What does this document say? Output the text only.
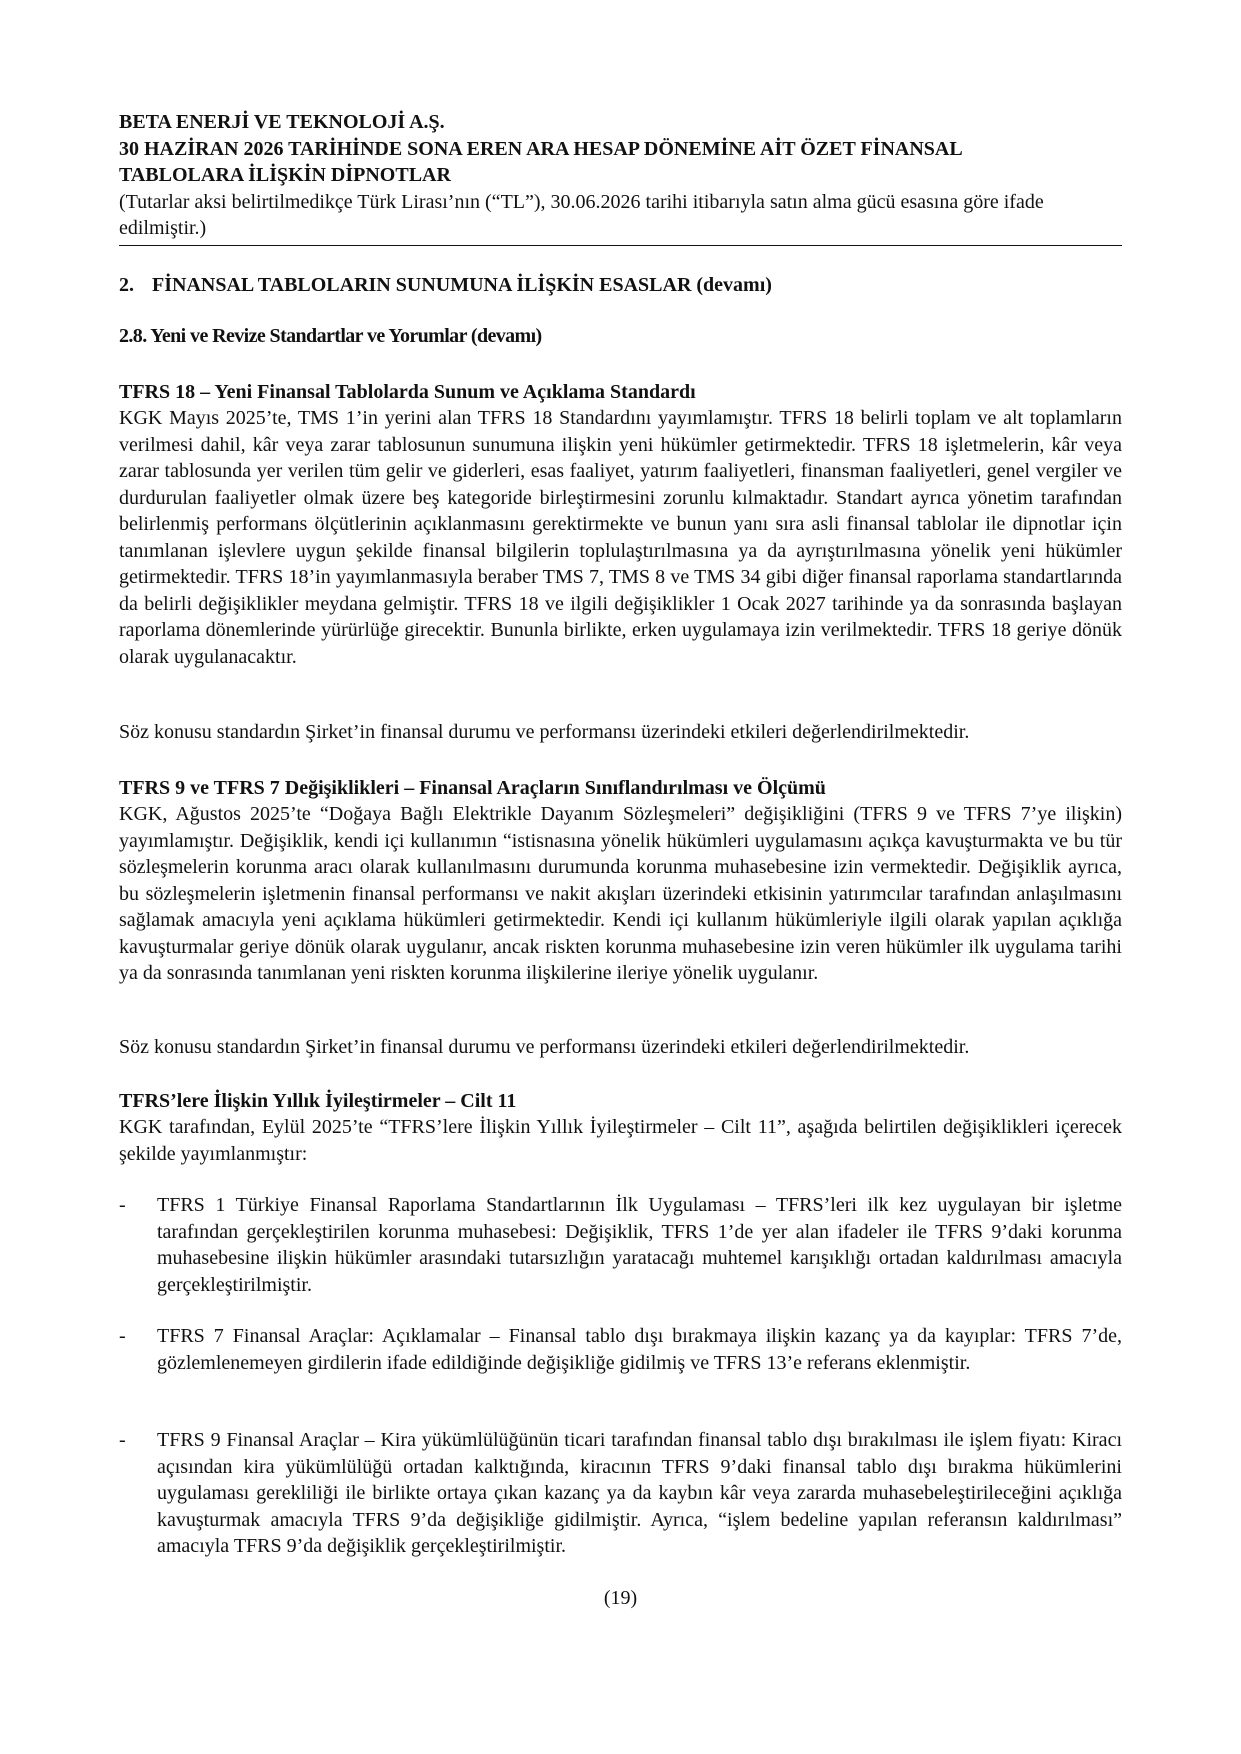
BETA ENERJİ VE TEKNOLOJİ A.Ş.
30 HAZİRAN 2026 TARİHİNDE SONA EREN ARA HESAP DÖNEMİNE AİT ÖZET FİNANSAL
TABLOLARA İLİŞKİN DİPNOTLAR
(Tutarlar aksi belirtilmedikçe Türk Lirası’nın (“TL”), 30.06.2026 tarihi itibarıyla satın alma gücü esasına göre ifade edilmiştir.)
2. FİNANSAL TABLOLARIN SUNUMUNA İLİŞKİN ESASLAR (devamı)
2.8. Yeni ve Revize Standartlar ve Yorumlar (devamı)
TFRS 18 – Yeni Finansal Tablolarda Sunum ve Açıklama Standardı
KGK Mayıs 2025’te, TMS 1’in yerini alan TFRS 18 Standardını yayımlamıştır. TFRS 18 belirli toplam ve alt toplamların verilmesi dahil, kâr veya zarar tablosunun sunumuna ilişkin yeni hükümler getirmektedir. TFRS 18 işletmelerin, kâr veya zarar tablosunda yer verilen tüm gelir ve giderleri, esas faaliyet, yatırım faaliyetleri, finansman faaliyetleri, genel vergiler ve durdurulan faaliyetler olmak üzere beş kategoride birleştirmesini zorunlu kılmaktadır. Standart ayrıca yönetim tarafından belirlenmiş performans ölçütlerinin açıklanmasını gerektirmekte ve bunun yanı sıra asli finansal tablolar ile dipnotlar için tanımlanan işlevlere uygun şekilde finansal bilgilerin toplulaştırılmasına ya da ayrıştırılmasına yönelik yeni hükümler getirmektedir. TFRS 18’in yayımlanmasıyla beraber TMS 7, TMS 8 ve TMS 34 gibi diğer finansal raporlama standartlarında da belirli değişiklikler meydana gelmiştir. TFRS 18 ve ilgili değişiklikler 1 Ocak 2027 tarihinde ya da sonrasında başlayan raporlama dönemlerinde yürürlüğe girecektir. Bununla birlikte, erken uygulamaya izin verilmektedir. TFRS 18 geriye dönük olarak uygulanacaktır.
Söz konusu standardın Şirket’in finansal durumu ve performansı üzerindeki etkileri değerlendirilmektedir.
TFRS 9 ve TFRS 7 Değişiklikleri – Finansal Araçların Sınıflandırılması ve Ölçümü
KGK, Ağustos 2025’te “Doğaya Bağlı Elektrikle Dayanım Sözleşmeleri” değişikliğini (TFRS 9 ve TFRS 7’ye ilişkin) yayımlamıştır. Değişiklik, kendi içi kullanımın “istisnasına yönelik hükümleri uygulamasını açıkça kavuşturmakta ve bu tür sözleşmelerin korunma aracı olarak kullanılmasını durumunda korunma muhasebesine izin vermektedir. Değişiklik ayrıca, bu sözleşmelerin işletmenin finansal performansı ve nakit akışları üzerindeki etkisinin yatırımcılar tarafından anlaşılmasını sağlamak amacıyla yeni açıklama hükümleri getirmektedir. Kendi içi kullanım hükümleriyle ilgili olarak yapılan açıklığa kavuşturmalar geriye dönük olarak uygulanır, ancak riskten korunma muhasebesine izin veren hükümler ilk uygulama tarihi ya da sonrasında tanımlanan yeni riskten korunma ilişkilerine ileriye yönelik uygulanır.
Söz konusu standardın Şirket’in finansal durumu ve performansı üzerindeki etkileri değerlendirilmektedir.
TFRS’lere İlişkin Yıllık İyileştirmeler – Cilt 11
KGK tarafından, Eylül 2025’te “TFRS’lere İlişkin Yıllık İyileştirmeler – Cilt 11”, aşağıda belirtilen değişiklikleri içerecek şekilde yayımlanmıştır:
-	TFRS 1 Türkiye Finansal Raporlama Standartlarının İlk Uygulaması – TFRS’leri ilk kez uygulayan bir işletme tarafından gerçekleştirilen korunma muhasebesi: Değişiklik, TFRS 1’de yer alan ifadeler ile TFRS 9’daki korunma muhasebesine ilişkin hükümler arasındaki tutarsızlığın yaratacağı muhtemel karışıklığı ortadan kaldırılması amacıyla gerçekleştirilmiştir.
-	TFRS 7 Finansal Araçlar: Açıklamalar – Finansal tablo dışı bırakmaya ilişkin kazanç ya da kayıplar: TFRS 7’de, gözlemlenemeyen girdilerin ifade edildiğinde değişikliğe gidilmiş ve TFRS 13’e referans eklenmiştir.
-	TFRS 9 Finansal Araçlar – Kira yükümlülüğünün ticari tarafından finansal tablo dışı bırakılması ile işlem fiyatı: Kiracı açısından kira yükümlülüğü ortadan kalktığında, kiracının TFRS 9’daki finansal tablo dışı bırakma hükümlerini uygulaması gerekliliği ile birlikte ortaya çıkan kazanç ya da kaybın kâr veya zararda muhasebeleştirileceğini açıklığa kavuşturmak amacıyla TFRS 9’da değişikliğe gidilmiştir. Ayrıca, “işlem bedeline yapılan referansın kaldırılması” amacıyla TFRS 9’da değişiklik gerçekleştirilmiştir.
(19)
